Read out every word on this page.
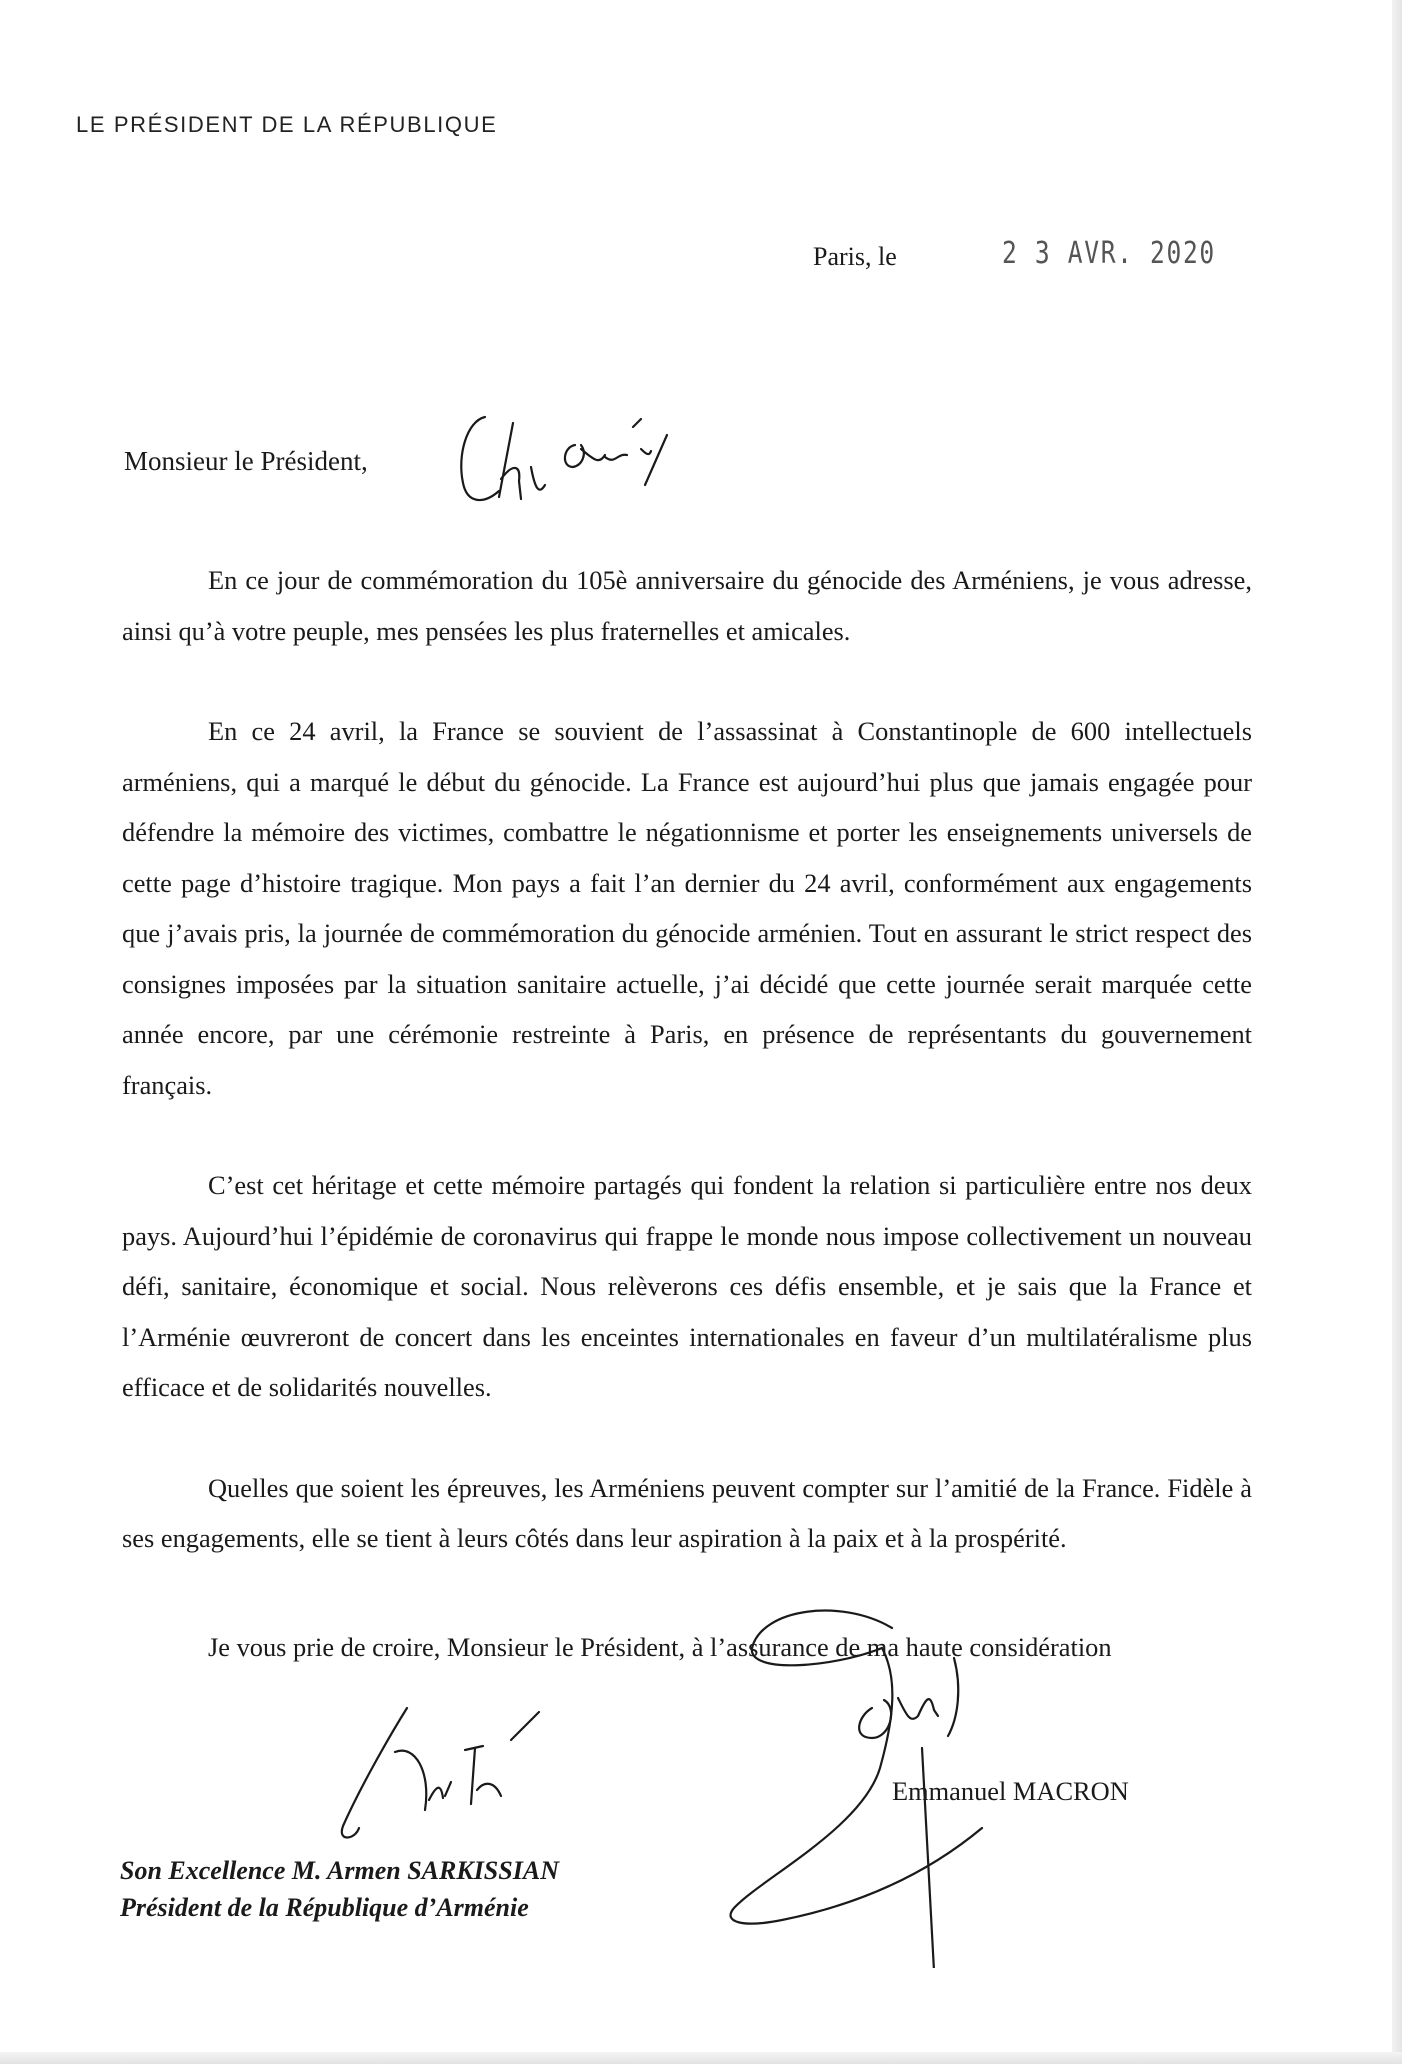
LE PRÉSIDENT DE LA RÉPUBLIQUE
Paris, le	2 3 AVR. 2020
Monsieur le Président,

En ce jour de commémoration du 105è anniversaire du génocide des Arméniens, je vous adresse, ainsi qu’à votre peuple, mes pensées les plus fraternelles et amicales.

En ce 24 avril, la France se souvient de l’assassinat à Constantinople de 600 intellectuels arméniens, qui a marqué le début du génocide. La France est aujourd’hui plus que jamais engagée pour défendre la mémoire des victimes, combattre le négationnisme et porter les enseignements universels de cette page d’histoire tragique. Mon pays a fait l’an dernier du 24 avril, conformément aux engagements que j’avais pris, la journée de commémoration du génocide arménien. Tout en assurant le strict respect des consignes imposées par la situation sanitaire actuelle, j’ai décidé que cette journée serait marquée cette année encore, par une cérémonie restreinte à Paris, en présence de représentants du gouvernement français.

C’est cet héritage et cette mémoire partagés qui fondent la relation si particulière entre nos deux pays. Aujourd’hui l’épidémie de coronavirus qui frappe le monde nous impose collectivement un nouveau défi, sanitaire, économique et social. Nous relèverons ces défis ensemble, et je sais que la France et l’Arménie œuvreront de concert dans les enceintes internationales en faveur d’un multilatéralisme plus efficace et de solidarités nouvelles.

Quelles que soient les épreuves, les Arméniens peuvent compter sur l’amitié de la France. Fidèle à ses engagements, elle se tient à leurs côtés dans leur aspiration à la paix et à la prospérité.

Je vous prie de croire, Monsieur le Président, à l’assurance de ma haute considération
Emmanuel MACRON
Son Excellence M. Armen SARKISSIAN
Président de la République d’Arménie
